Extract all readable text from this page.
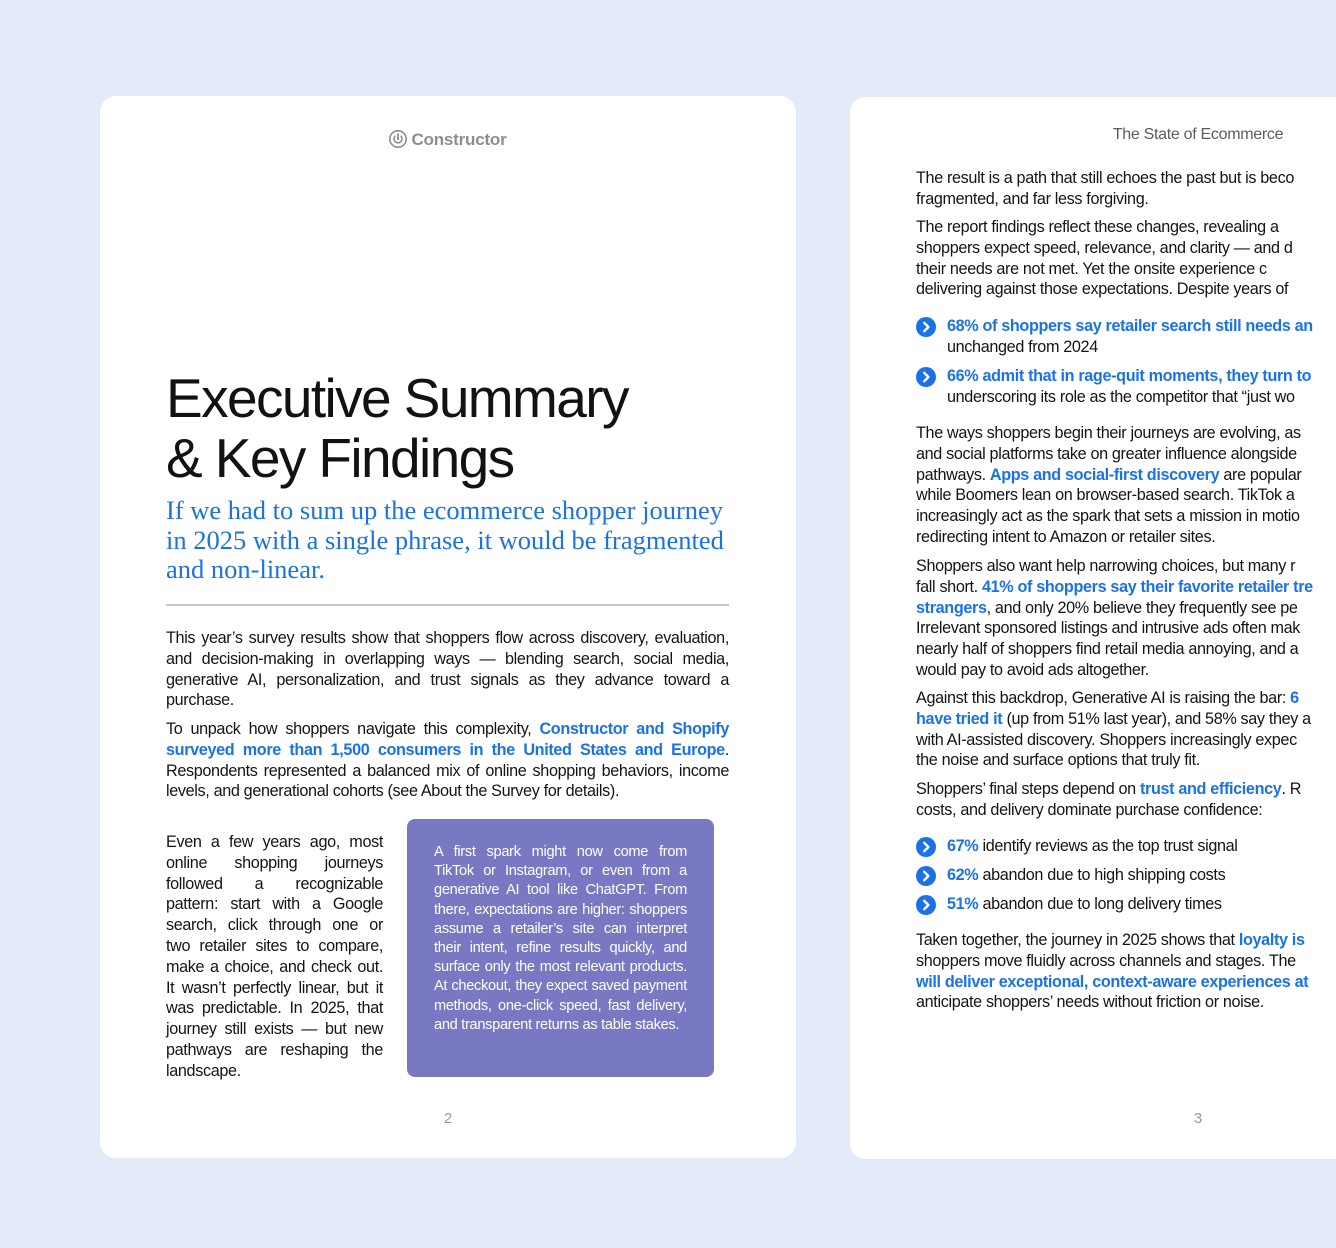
Constructor
Executive Summary
& Key Findings

If we had to sum up the ecommerce shopper journey in 2025 with a single phrase, it would be fragmented and non-linear.

This year’s survey results show that shoppers flow across discovery, evaluation, and decision-making in overlapping ways — blending search, social media, generative AI, personalization, and trust signals as they advance toward a purchase.

To unpack how shoppers navigate this complexity, Constructor and Shopify surveyed more than 1,500 consumers in the United States and Europe. Respondents represented a balanced mix of online shopping behaviors, income levels, and generational cohorts (see About the Survey for details).

Even a few years ago, most online shopping journeys followed a recognizable pattern: start with a Google search, click through one or two retailer sites to compare, make a choice, and check out. It wasn’t perfectly linear, but it was predictable. In 2025, that journey still exists — but new pathways are reshaping the landscape.

A first spark might now come from TikTok or Instagram, or even from a generative AI tool like ChatGPT. From there, expectations are higher: shoppers assume a retailer’s site can interpret their intent, refine results quickly, and surface only the most relevant products. At checkout, they expect saved payment methods, one-click speed, fast delivery, and transparent returns as table stakes.
2
The State of Ecommerce

The result is a path that still echoes the past but is beco
fragmented, and far less forgiving.

The report findings reflect these changes, revealing a
shoppers expect speed, relevance, and clarity — and d
their needs are not met. Yet the onsite experience c
delivering against those expectations. Despite years of

68% of shoppers say retailer search still needs an
unchanged from 2024

66% admit that in rage-quit moments, they turn to
underscoring its role as the competitor that “just wo

The ways shoppers begin their journeys are evolving, as
and social platforms take on greater influence alongside
pathways. Apps and social-first discovery are popular
while Boomers lean on browser-based search. TikTok a
increasingly act as the spark that sets a mission in motio
redirecting intent to Amazon or retailer sites.

Shoppers also want help narrowing choices, but many r
fall short. 41% of shoppers say their favorite retailer tre
strangers, and only 20% believe they frequently see pe
Irrelevant sponsored listings and intrusive ads often mak
nearly half of shoppers find retail media annoying, and a
would pay to avoid ads altogether.

Against this backdrop, Generative AI is raising the bar: 6
have tried it (up from 51% last year), and 58% say they a
with AI-assisted discovery. Shoppers increasingly expec
the noise and surface options that truly fit.

Shoppers’ final steps depend on trust and efficiency. R
costs, and delivery dominate purchase confidence:

67% identify reviews as the top trust signal

62% abandon due to high shipping costs

51% abandon due to long delivery times

Taken together, the journey in 2025 shows that loyalty is
shoppers move fluidly across channels and stages. The
will deliver exceptional, context-aware experiences at
anticipate shoppers’ needs without friction or noise.

3
